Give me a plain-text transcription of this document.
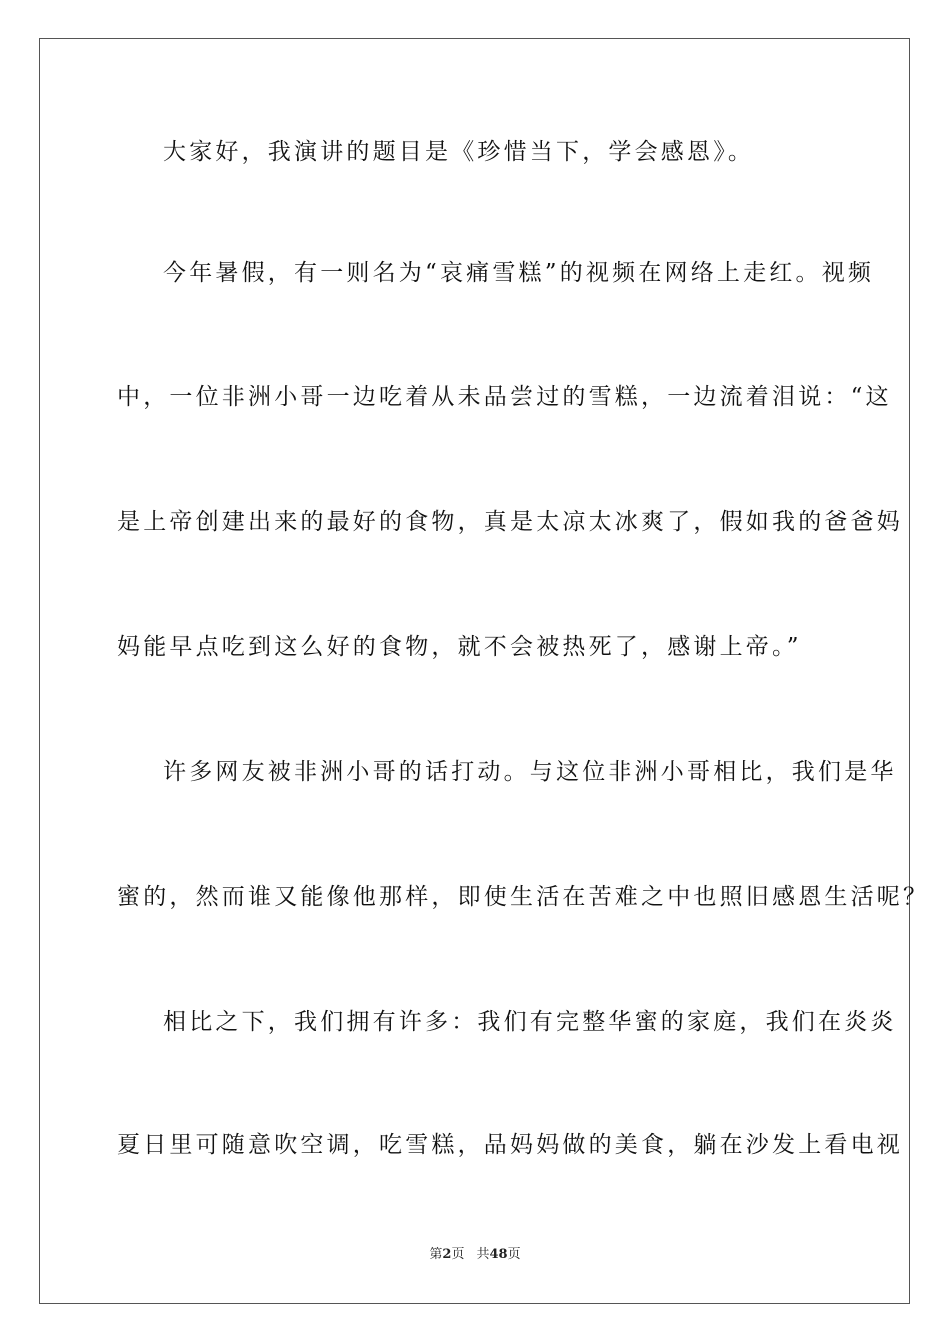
大家好，我演讲的题目是《珍惜当下，学会感恩》。
今年暑假，有一则名为“哀痛雪糕”的视频在网络上走红。视频
中，一位非洲小哥一边吃着从未品尝过的雪糕，一边流着泪说：“这
是上帝创建出来的最好的食物，真是太凉太冰爽了，假如我的爸爸妈
妈能早点吃到这么好的食物，就不会被热死了，感谢上帝。”
许多网友被非洲小哥的话打动。与这位非洲小哥相比，我们是华
蜜的，然而谁又能像他那样，即使生活在苦难之中也照旧感恩生活呢？
相比之下，我们拥有许多：我们有完整华蜜的家庭，我们在炎炎
夏日里可随意吹空调，吃雪糕，品妈妈做的美食，躺在沙发上看电视
第2页 共48页
